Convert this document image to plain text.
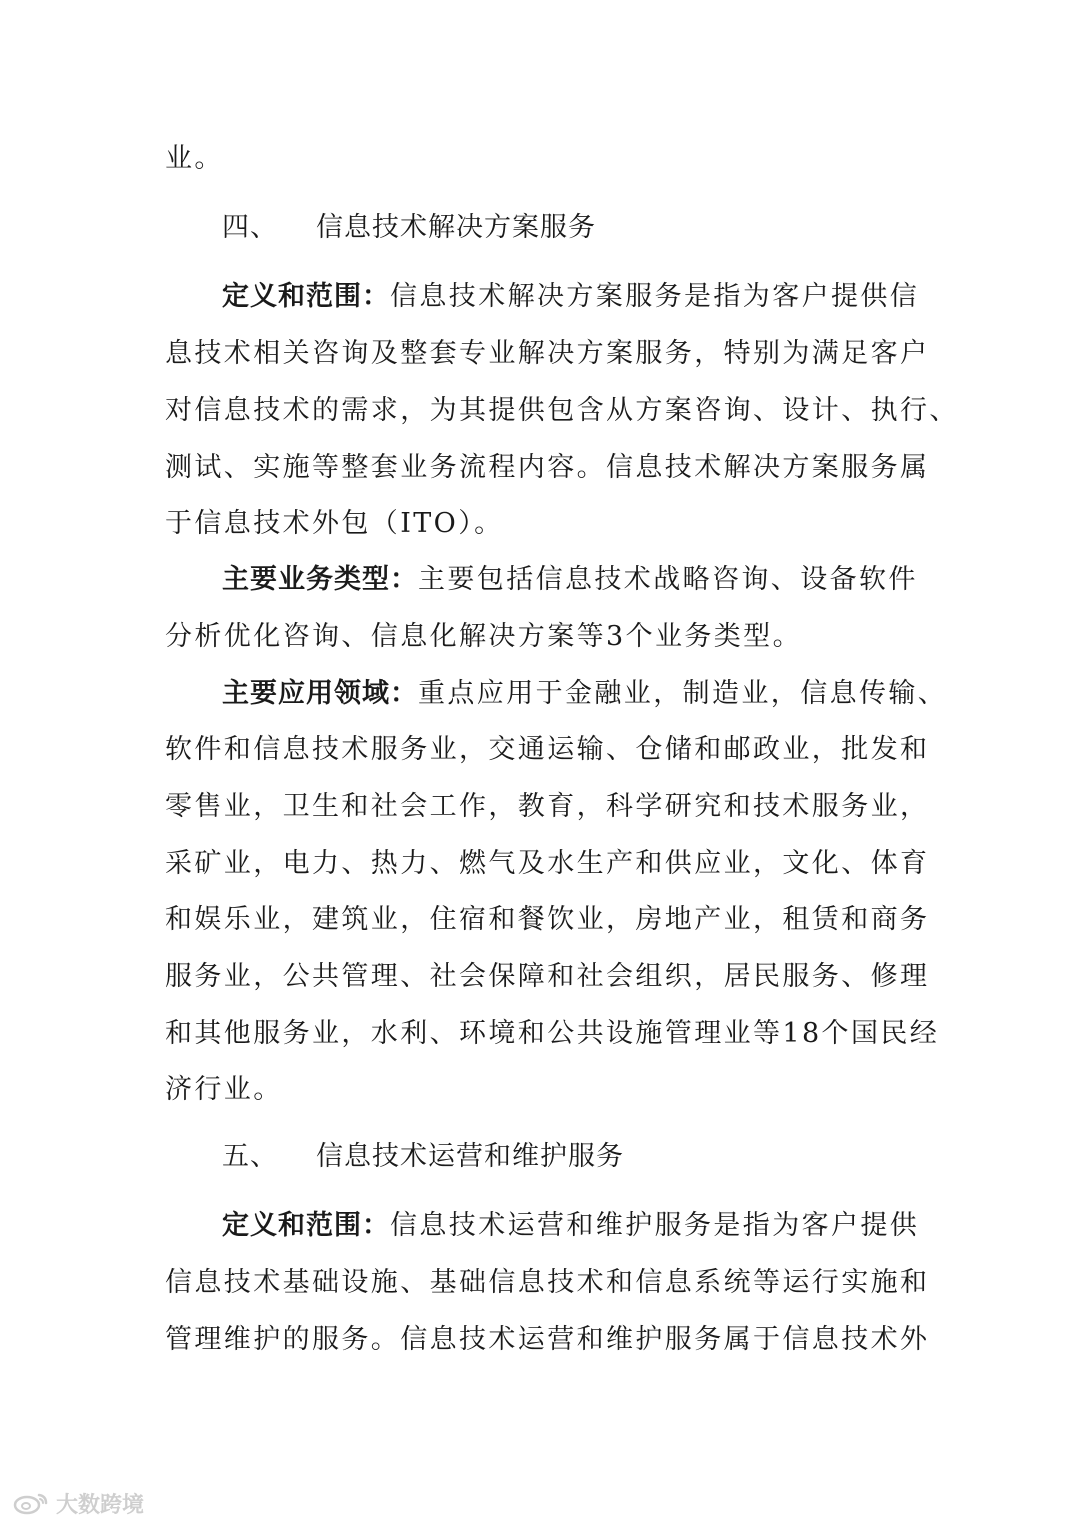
业。
四、 信息技术解决方案服务
定义和范围：信息技术解决方案服务是指为客户提供信
息技术相关咨询及整套专业解决方案服务，特别为满足客户
对信息技术的需求，为其提供包含从方案咨询、设计、执行、
测试、实施等整套业务流程内容。信息技术解决方案服务属
于信息技术外包（ITO）。
主要业务类型：主要包括信息技术战略咨询、设备软件
分析优化咨询、信息化解决方案等3个业务类型。
主要应用领域：重点应用于金融业，制造业，信息传输、
软件和信息技术服务业，交通运输、仓储和邮政业，批发和
零售业，卫生和社会工作，教育，科学研究和技术服务业，
采矿业，电力、热力、燃气及水生产和供应业，文化、体育
和娱乐业，建筑业，住宿和餐饮业，房地产业，租赁和商务
服务业，公共管理、社会保障和社会组织，居民服务、修理
和其他服务业，水利、环境和公共设施管理业等18个国民经
济行业。
五、 信息技术运营和维护服务
定义和范围：信息技术运营和维护服务是指为客户提供
信息技术基础设施、基础信息技术和信息系统等运行实施和
管理维护的服务。信息技术运营和维护服务属于信息技术外
大数跨境
